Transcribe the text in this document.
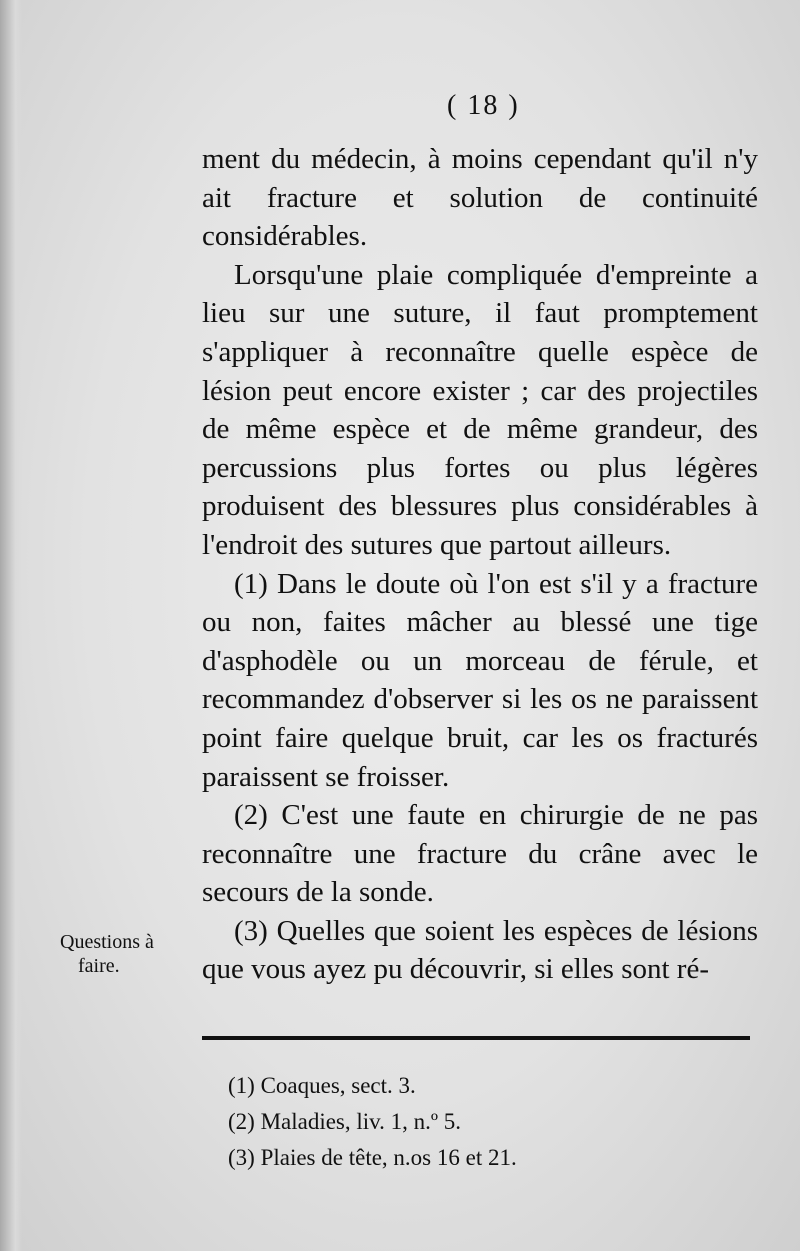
( 18 )

ment du médecin, à moins cependant qu'il n'y ait fracture et solution de continuité considérables.

Lorsqu'une plaie compliquée d'empreinte a lieu sur une suture, il faut promptement s'appliquer à reconnaître quelle espèce de lésion peut encore exister ; car des projectiles de même espèce et de même grandeur, des percussions plus fortes ou plus légères produisent des blessures plus considérables à l'endroit des sutures que partout ailleurs.

(1) Dans le doute où l'on est s'il y a fracture ou non, faites mâcher au blessé une tige d'asphodèle ou un morceau de férule, et recommandez d'observer si les os ne paraissent point faire quelque bruit, car les os fracturés paraissent se froisser.

(2) C'est une faute en chirurgie de ne pas reconnaître une fracture du crâne avec le secours de la sonde.

(3) Quelles que soient les espèces de lésions que vous ayez pu découvrir, si elles sont ré-

Questions à
faire.
(1) Coaques, sect. 3.
(2) Maladies, liv. 1, n.º 5.
(3) Plaies de tête, n.os 16 et 21.
